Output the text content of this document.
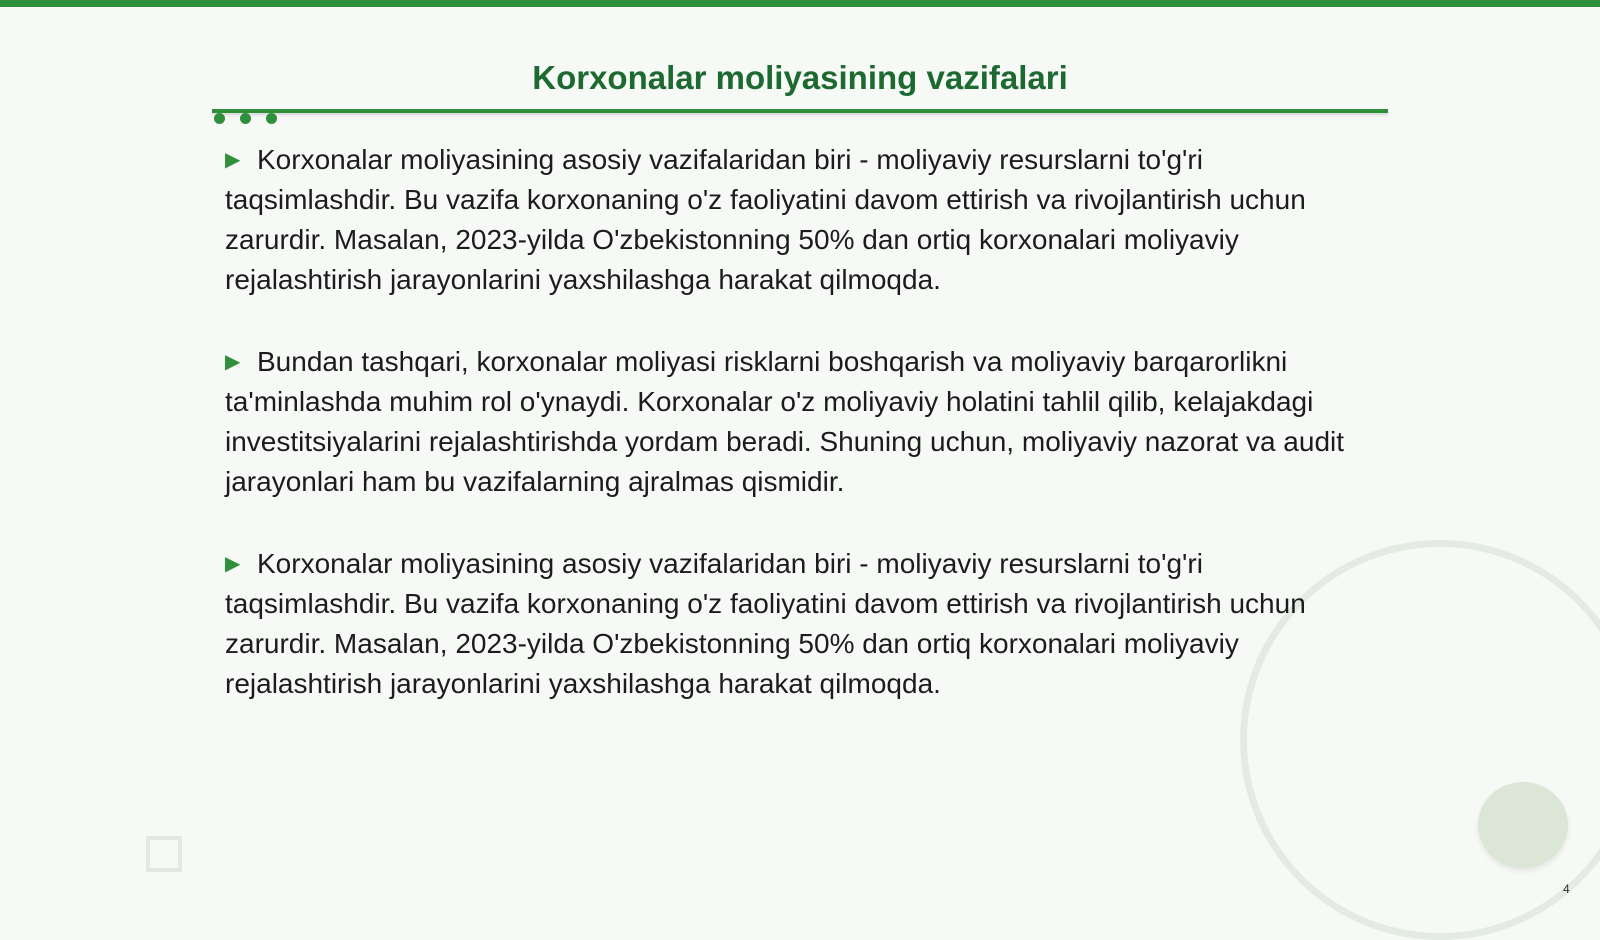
Korxonalar moliyasining vazifalari

▶ Korxonalar moliyasining asosiy vazifalaridan biri - moliyaviy resurslarni to'g'ri taqsimlashdir. Bu vazifa korxonaning o'z faoliyatini davom ettirish va rivojlantirish uchun zarurdir. Masalan, 2023-yilda O'zbekistonning 50% dan ortiq korxonalari moliyaviy rejalashtirish jarayonlarini yaxshilashga harakat qilmoqda.

▶ Bundan tashqari, korxonalar moliyasi risklarni boshqarish va moliyaviy barqarorlikni ta'minlashda muhim rol o'ynaydi. Korxonalar o'z moliyaviy holatini tahlil qilib, kelajakdagi investitsiyalarini rejalashtirishda yordam beradi. Shuning uchun, moliyaviy nazorat va audit jarayonlari ham bu vazifalarning ajralmas qismidir.

▶ Korxonalar moliyasining asosiy vazifalaridan biri - moliyaviy resurslarni to'g'ri taqsimlashdir. Bu vazifa korxonaning o'z faoliyatini davom ettirish va rivojlantirish uchun zarurdir. Masalan, 2023-yilda O'zbekistonning 50% dan ortiq korxonalari moliyaviy rejalashtirish jarayonlarini yaxshilashga harakat qilmoqda.

4
